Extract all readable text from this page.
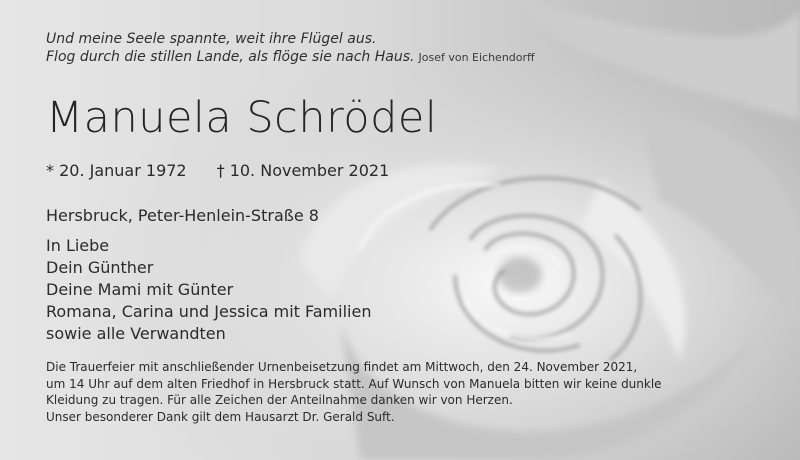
Und meine Seele spannte, weit ihre Flügel aus.
Flog durch die stillen Lande, als flöge sie nach Haus. Josef von Eichendorff
Manuela Schrödel
* 20. Januar 1972 † 10. November 2021
Hersbruck, Peter-Henlein-Straße 8
In Liebe
Dein Günther
Deine Mami mit Günter
Romana, Carina und Jessica mit Familien
sowie alle Verwandten
Die Trauerfeier mit anschließender Urnenbeisetzung findet am Mittwoch, den 24. November 2021,
um 14 Uhr auf dem alten Friedhof in Hersbruck statt. Auf Wunsch von Manuela bitten wir keine dunkle
Kleidung zu tragen. Für alle Zeichen der Anteilnahme danken wir von Herzen.
Unser besonderer Dank gilt dem Hausarzt Dr. Gerald Suft.
